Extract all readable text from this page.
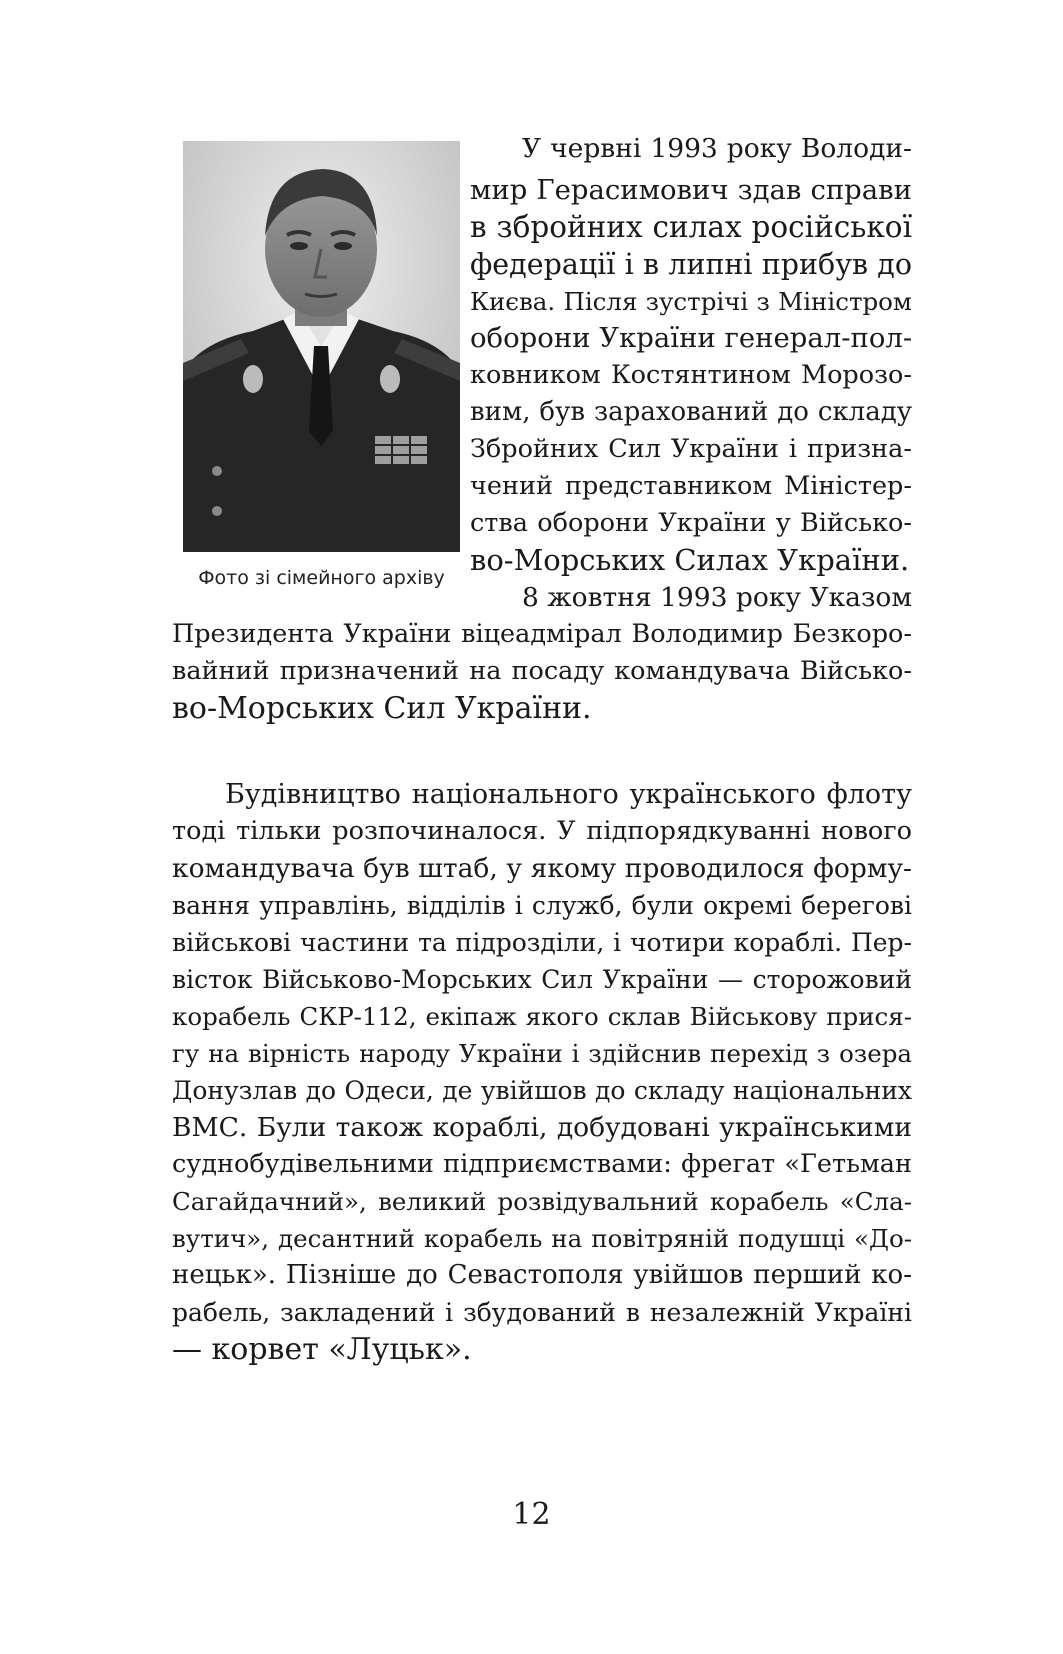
Фото зі сімейного архіву
У червні 1993 року Володи-
мир Герасимович здав справи
в збройних силах російської
федерації і в липні прибув до
Києва. Після зустрічі з Міністром
оборони України генерал-пол-
ковником Костянтином Морозо-
вим, був зарахований до складу
Збройних Сил України і призна-
чений представником Міністер-
ства оборони України у Військо-
во-Морських Силах України.
8 жовтня 1993 року Указом
Президента України віцеадмірал Володимир Безкоро-
вайний призначений на посаду командувача Військо-
во-Морських Сил України.
Будівництво національного українського флоту
тоді тільки розпочиналося. У підпорядкуванні нового
командувача був штаб, у якому проводилося форму-
вання управлінь, відділів і служб, були окремі берегові
військові частини та підрозділи, і чотири кораблі. Пер-
вісток Військово-Морських Сил України — сторожовий
корабель СКР-112, екіпаж якого склав Військову прися-
гу на вірність народу України і здійснив перехід з озера
Донузлав до Одеси, де увійшов до складу національних
ВМС. Були також кораблі, добудовані українськими
суднобудівельними підприємствами: фрегат «Гетьман
Сагайдачний», великий розвідувальний корабель «Сла-
вутич», десантний корабель на повітряній подушці «До-
нецьк». Пізніше до Севастополя увійшов перший ко-
рабель, закладений і збудований в незалежній Україні
— корвет «Луцьк».
12
